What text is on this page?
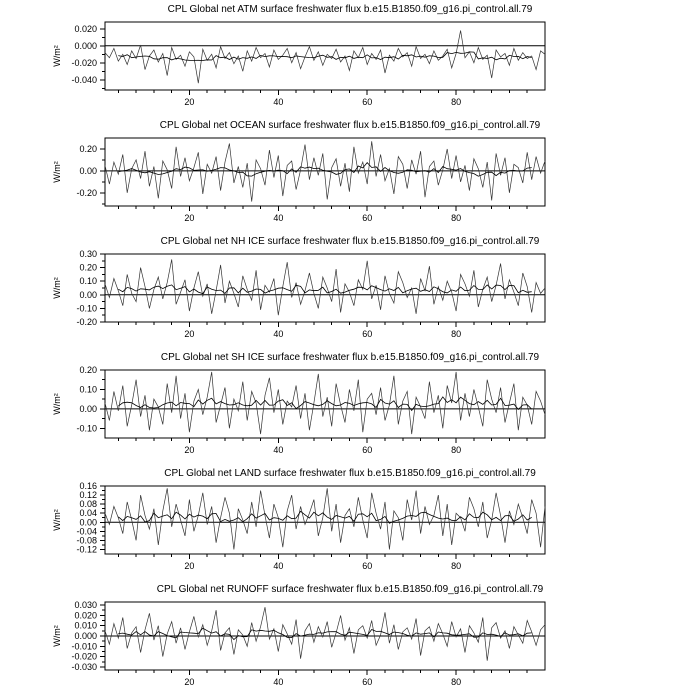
CPL Global net ATM surface freshwater flux b.e15.B1850.f09_g16.pi_control.all.79
0.020
0.000
-0.020
-0.040
20	40	60	80
W/m²
CPL Global net OCEAN surface freshwater flux b.e15.B1850.f09_g16.pi_control.all.79
0.20
0.00
-0.20
20	40	60	80
W/m²
CPL Global net NH ICE surface freshwater flux b.e15.B1850.f09_g16.pi_control.all.79
0.30
0.20
0.10
0.00
-0.10
-0.20
20	40	60	80
W/m²
CPL Global net SH ICE surface freshwater flux b.e15.B1850.f09_g16.pi_control.all.79
0.20
0.10
0.00
-0.10
20	40	60	80
W/m²
CPL Global net LAND surface freshwater flux b.e15.B1850.f09_g16.pi_control.all.79
0.16
0.12
0.08
0.04
0.00
-0.04
-0.08
-0.12
20	40	60	80
W/m²
CPL Global net RUNOFF surface freshwater flux b.e15.B1850.f09_g16.pi_control.all.79
0.030
0.020
0.010
0.000
-0.010
-0.020
-0.030
20	40	60	80
W/m²
